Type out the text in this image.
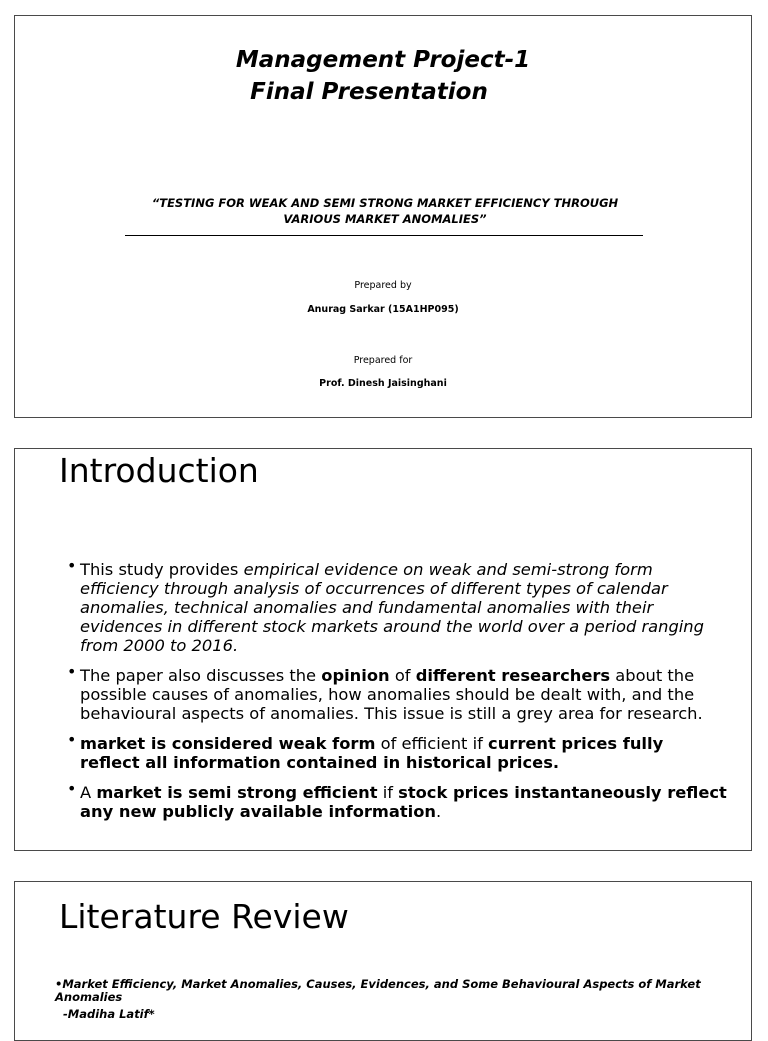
Management Project-1
Final Presentation
“TESTING FOR WEAK AND SEMI STRONG MARKET EFFICIENCY THROUGH
VARIOUS MARKET ANOMALIES”
Prepared by
Anurag Sarkar (15A1HP095)
Prepared for
Prof. Dinesh Jaisinghani
Introduction
• This study provides empirical evidence on weak and semi-strong form efficiency through analysis of occurrences of different types of calendar anomalies, technical anomalies and fundamental anomalies with their evidences in different stock markets around the world over a period ranging from 2000 to 2016.
• The paper also discusses the opinion of different researchers about the possible causes of anomalies, how anomalies should be dealt with, and the behavioural aspects of anomalies. This issue is still a grey area for research.
• market is considered weak form of efficient if current prices fully reflect all information contained in historical prices.
• A market is semi strong efficient if stock prices instantaneously reflect any new publicly available information.
Literature Review
•Market Efficiency, Market Anomalies, Causes, Evidences, and Some Behavioural Aspects of Market Anomalies
-Madiha Latif*
